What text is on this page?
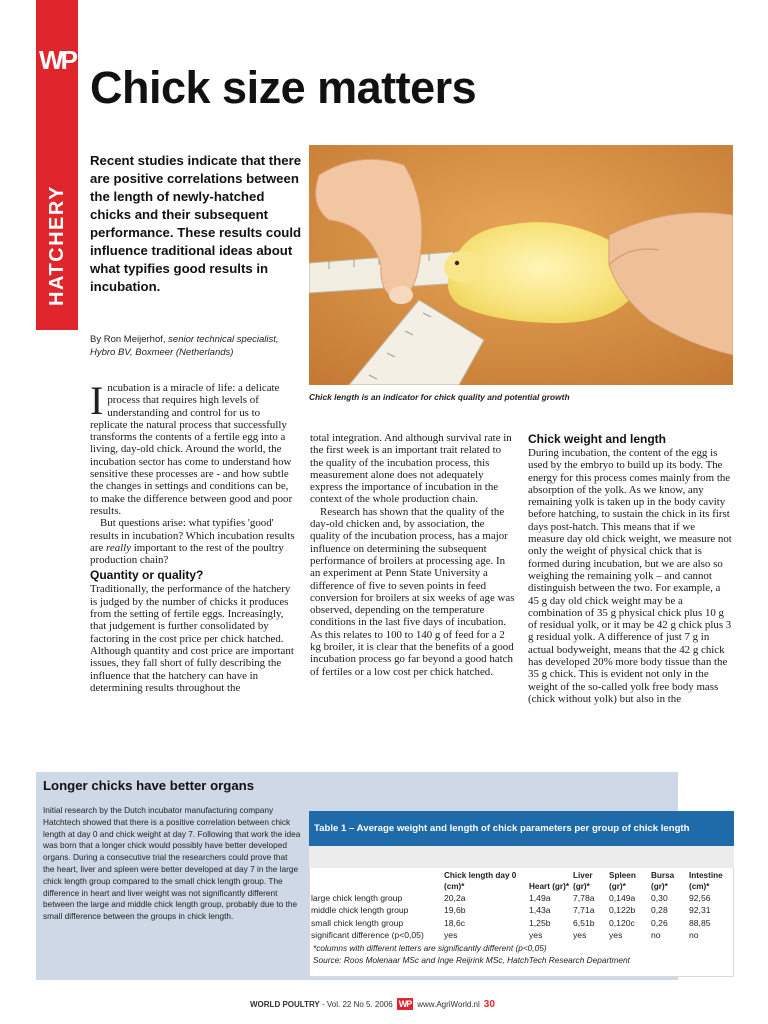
WP
HATCHERY
Chick size matters
Recent studies indicate that there are positive correlations between the length of newly-hatched chicks and their subsequent performance. These results could influence traditional ideas about what typifies good results in incubation.
By Ron Meijerhof, senior technical specialist, Hybro BV, Boxmeer (Netherlands)
Chick length is an indicator for chick quality and potential growth
I ncubation is a miracle of life: a delicate process that requires high levels of understanding and control for us to replicate the natural process that successfully transforms the contents of a fertile egg into a living, day-old chick. Around the world, the incubation sector has come to understand how sensitive these processes are - and how subtle the changes in settings and conditions can be, to make the difference between good and poor results.

But questions arise: what typifies 'good' results in incubation? Which incubation results are really important to the rest of the poultry production chain?

Quantity or quality?

Traditionally, the performance of the hatchery is judged by the number of chicks it produces from the setting of fertile eggs. Increasingly, that judgement is further consolidated by factoring in the cost price per chick hatched. Although quantity and cost price are important issues, they fall short of fully describing the influence that the hatchery can have in determining results throughout the

total integration. And although survival rate in the first week is an important trait related to the quality of the incubation process, this measurement alone does not adequately express the importance of incubation in the context of the whole production chain.

Research has shown that the quality of the day-old chicken and, by association, the quality of the incubation process, has a major influence on determining the subsequent performance of broilers at processing age. In an experiment at Penn State University a difference of five to seven points in feed conversion for broilers at six weeks of age was observed, depending on the temperature conditions in the last five days of incubation. As this relates to 100 to 140 g of feed for a 2 kg broiler, it is clear that the benefits of a good incubation process go far beyond a good hatch of fertiles or a low cost per chick hatched.

Chick weight and length

During incubation, the content of the egg is used by the embryo to build up its body. The energy for this process comes mainly from the absorption of the yolk. As we know, any remaining yolk is taken up in the body cavity before hatching, to sustain the chick in its first days post-hatch. This means that if we measure day old chick weight, we measure not only the weight of physical chick that is formed during incubation, but we are also so weighing the remaining yolk – and cannot distinguish between the two. For example, a 45 g day old chick weight may be a combination of 35 g physical chick plus 10 g of residual yolk, or it may be 42 g chick plus 3 g residual yolk. A difference of just 7 g in actual bodyweight, means that the 42 g chick has developed 20% more body tissue than the 35 g chick. This is evident not only in the weight of the so-called yolk free body mass (chick without yolk) but also in the

Longer chicks have better organs
Initial research by the Dutch incubator manufacturing company Hatchtech showed that there is a positive correlation between chick length at day 0 and chick weight at day 7. Following that work the idea was born that a longer chick would possibly have better developed organs. During a consecutive trial the researchers could prove that the heart, liver and spleen were better developed at day 7 in the large chick length group compared to the small chick length group. The difference in heart and liver weight was not significantly different between the large and middle chick length group, probably due to the small difference between the groups in chick length.
Table 1 – Average weight and length of chick parameters per group of chick length
	Chick length day 0 (cm)*	Heart (gr)*	Liver (gr)*	Spleen (gr)*	Bursa (gr)*	Intestine (cm)*
large chick length group	20,2a	1,49a	7,78a	0,149a	0,30	92,56
middle chick length group	19,6b	1,43a	7,71a	0,122b	0,28	92,31
small chick length group	18,6c	1,25b	6,51b	0,120c	0,26	88,85
significant difference (p<0,05)	yes	yes	yes	yes	no	no
*columns with different letters are significantly different (p<0,05)
Source: Roos Molenaar MSc and Inge Reijrink MSc, HatchTech Research Department
WORLD POULTRY - Vol. 22 No 5. 2006 WP www.AgriWorld.nl 30
